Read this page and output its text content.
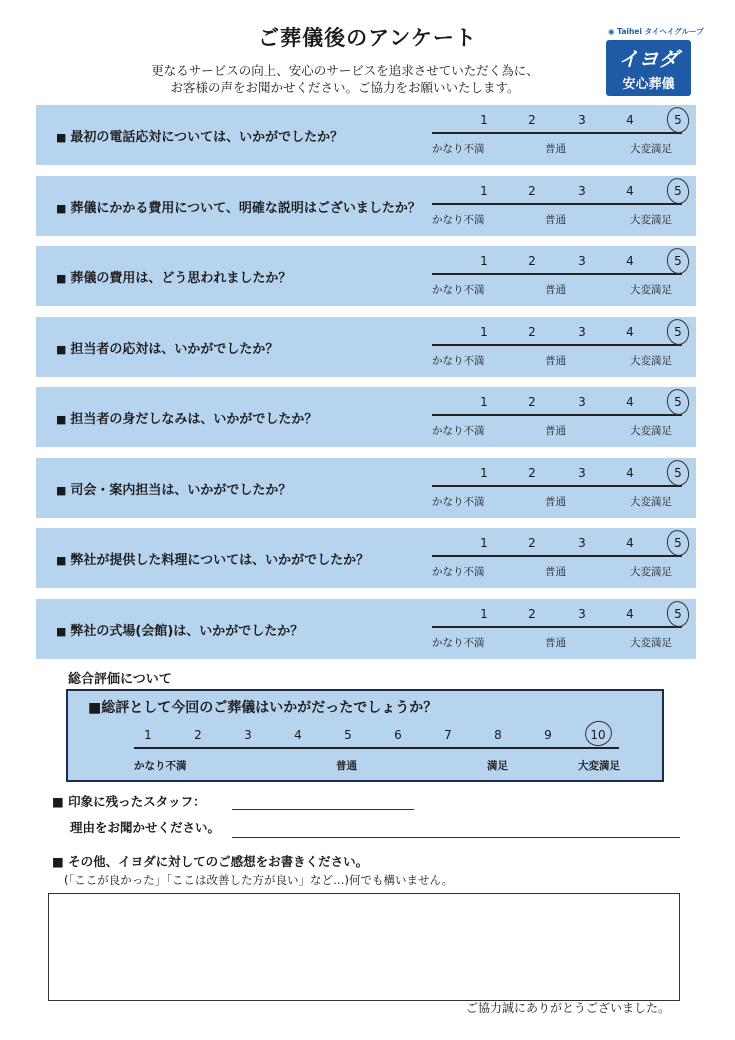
ご葬儀後のアンケート
更なるサービスの向上、安心のサービスを追求させていただく為に、
お客様の声をお聞かせください。ご協力をお願いいたします。
◉ Taihei タイヘイグループ
イヨダ
安心葬儀
■ 最初の電話応対については、いかがでしたか？
1	2	3	4	5
かなり不満	普通	大変満足
■ 葬儀にかかる費用について、明確な説明はございましたか？
1	2	3	4	5
かなり不満	普通	大変満足
■ 葬儀の費用は、どう思われましたか？
1	2	3	4	5
かなり不満	普通	大変満足
■ 担当者の応対は、いかがでしたか？
1	2	3	4	5
かなり不満	普通	大変満足
■ 担当者の身だしなみは、いかがでしたか？
1	2	3	4	5
かなり不満	普通	大変満足
■ 司会・案内担当は、いかがでしたか？
1	2	3	4	5
かなり不満	普通	大変満足
■ 弊社が提供した料理については、いかがでしたか？
1	2	3	4	5
かなり不満	普通	大変満足
■ 弊社の式場(会館)は、いかがでしたか？
1	2	3	4	5
かなり不満	普通	大変満足
総合評価について
■総評として今回のご葬儀はいかがだったでしょうか？
1	2	3	4	5	6	7	8	9	10
かなり不満	普通	満足	大変満足
■ 印象に残ったスタッフ：
理由をお聞かせください。
■ その他、イヨダに対してのご感想をお書きください。
(「ここが良かった」「ここは改善した方が良い」など…)何でも構いません。
ご協力誠にありがとうございました。
